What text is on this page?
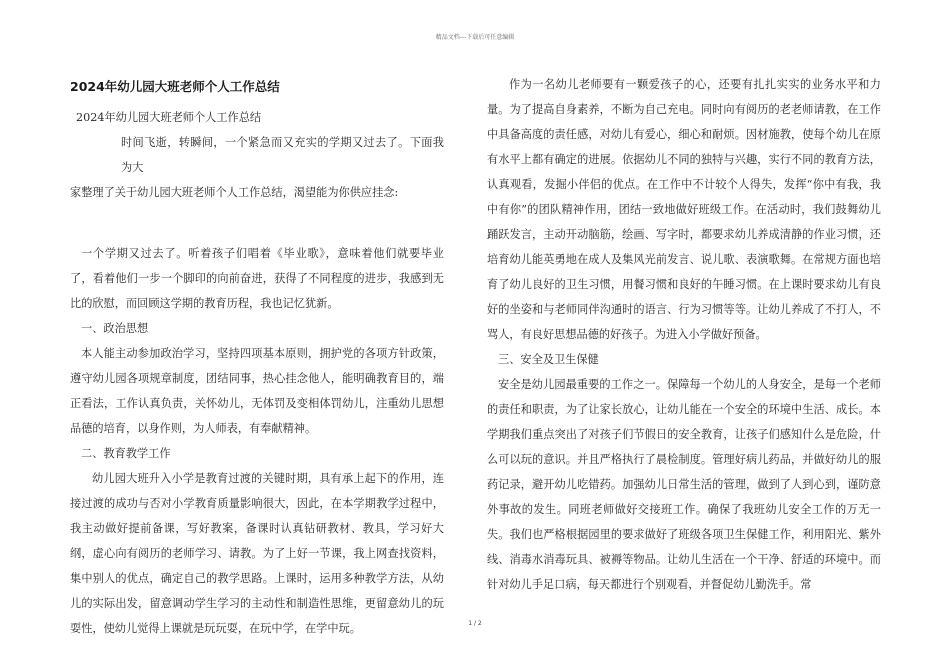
精品文档---下载后可任意编辑

2024年幼儿园大班老师个人工作总结

2024年幼儿园大班老师个人工作总结

时间飞逝，转瞬间，一个紧急而又充实的学期又过去了。下面我为大

家整理了关于幼儿园大班老师个人工作总结，渴望能为你供应挂念:

一个学期又过去了。听着孩子们唱着《毕业歌》，意味着他们就要毕业了，看着他们一步一个脚印的向前奋进，获得了不同程度的进步，我感到无比的欣慰，而回顾这学期的教育历程，我也记忆犹新。

一、政治思想

本人能主动参加政治学习，坚持四项基本原则，拥护党的各项方针政策，遵守幼儿园各项规章制度，团结同事，热心挂念他人，能明确教育目的，端正看法，工作认真负责，关怀幼儿，无体罚及变相体罚幼儿，注重幼儿思想品德的培育，以身作则，为人师表，有奉献精神。

二、教育教学工作

幼儿园大班升入小学是教育过渡的关键时期，具有承上起下的作用，连接过渡的成功与否对小学教育质量影响很大，因此，在本学期教学过程中，我主动做好提前备课，写好教案，备课时认真钻研教材、教具，学习好大纲，虚心向有阅历的老师学习、请教。为了上好一节课，我上网查找资料，集中别人的优点，确定自己的教学思路。上课时，运用多种教学方法，从幼儿的实际出发，留意调动学生学习的主动性和制造性思维，更留意幼儿的玩耍性，使幼儿觉得上课就是玩玩耍，在玩中学，在学中玩。

作为一名幼儿老师要有一颗爱孩子的心，还要有扎扎实实的业务水平和力量。为了提高自身素养，不断为自己充电。同时向有阅历的老老师请教，在工作中具备高度的责任感，对幼儿有爱心，细心和耐烦。因材施教，使每个幼儿在原有水平上都有确定的进展。依据幼儿不同的独特与兴趣，实行不同的教育方法，认真观看，发掘小伴侣的优点。在工作中不计较个人得失，发挥“你中有我，我中有你”的团队精神作用，团结一致地做好班级工作。在活动时，我们鼓舞幼儿踊跃发言，主动开动脑筋，绘画、写字时，都要求幼儿养成清静的作业习惯，还培育幼儿能英勇地在成人及集风光前发言、说儿歌、表演歌舞。在常规方面也培育了幼儿良好的卫生习惯，用餐习惯和良好的午睡习惯。在上课时要求幼儿有良好的坐姿和与老师同伴沟通时的语言、行为习惯等等。让幼儿养成了不打人，不骂人，有良好思想品德的好孩子。为进入小学做好预备。

三、安全及卫生保健

安全是幼儿园最重要的工作之一。保障每一个幼儿的人身安全，是每一个老师的责任和职责，为了让家长放心，让幼儿能在一个安全的环境中生活、成长。本学期我们重点突出了对孩子们节假日的安全教育，让孩子们感知什么是危险，什么可以玩的意识。并且严格执行了晨检制度。管理好病儿药品，并做好幼儿的服药记录，避开幼儿吃错药。加强幼儿日常生活的管理，做到了人到心到，谨防意外事故的发生。同班老师做好交接班工作。确保了我班幼儿安全工作的万无一失。我们也严格根据园里的要求做好了班级各项卫生保健工作，利用阳光、紫外线、消毒水消毒玩具、被褥等物品。让幼儿生活在一个干净、舒适的环境中。而针对幼儿手足口病，每天都进行个别观看，并督促幼儿勤洗手。常

1 / 2
